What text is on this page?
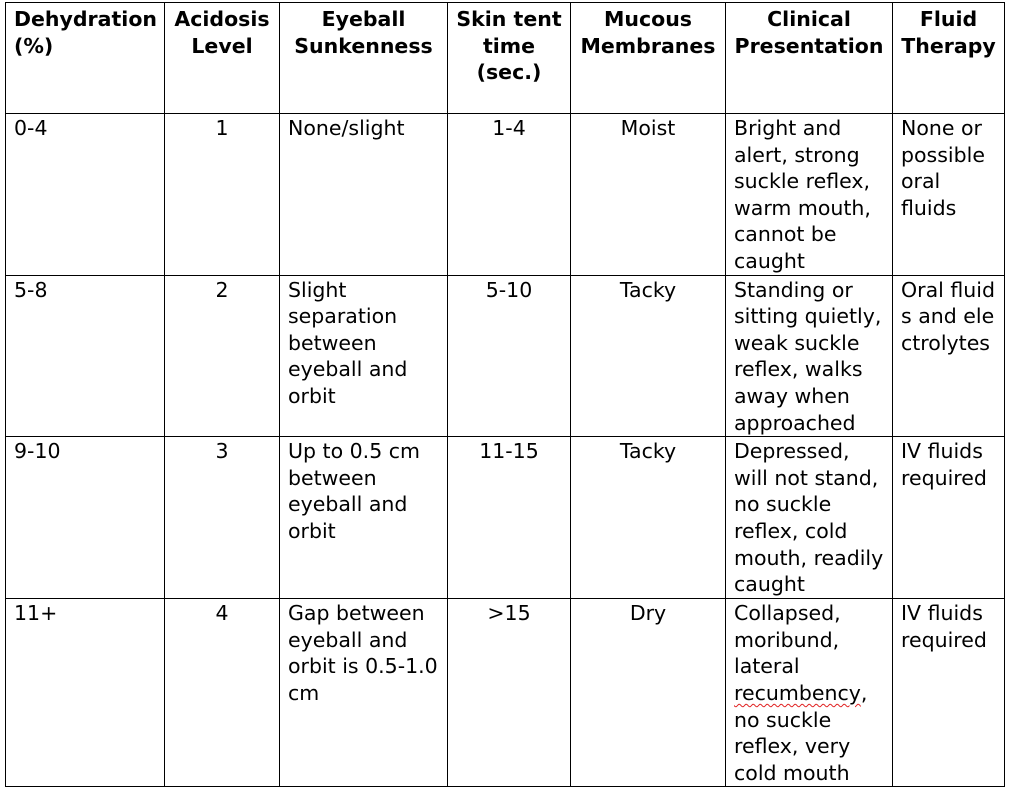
Dehydration (%)	Acidosis Level	Eyeball Sunkenness	Skin tent time (sec.)	Mucous Membranes	Clinical Presentation	Fluid Therapy
0-4	1	None/slight	1-4	Moist	Bright and alert, strong suckle reflex, warm mouth, cannot be caught	None or possible oral fluids
5-8	2	Slight separation between eyeball and orbit	5-10	Tacky	Standing or sitting quietly, weak suckle reflex, walks away when approached	Oral fluids and electrolytes
9-10	3	Up to 0.5 cm between eyeball and orbit	11-15	Tacky	Depressed, will not stand, no suckle reflex, cold mouth, readily caught	IV fluids required
11+	4	Gap between eyeball and orbit is 0.5-1.0 cm	>15	Dry	Collapsed, moribund, lateral recumbency, no suckle reflex, very cold mouth	IV fluids required
